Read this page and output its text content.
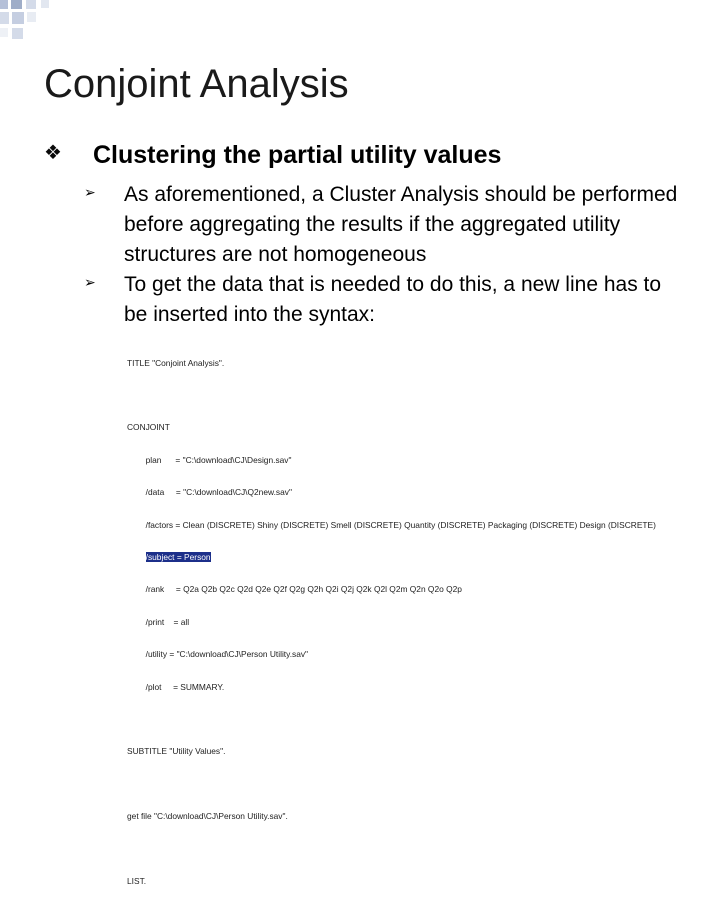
Conjoint Analysis
❖ Clustering the partial utility values
➢ As aforementioned, a Cluster Analysis should be performed before aggregating the results if the aggregated utility structures are not homogeneous
➢ To get the data that is needed to do this, a new line has to be inserted into the syntax:

TITLE "Conjoint Analysis".

CONJOINT

plan      = "C:\download\CJ\Design.sav"

/data     = "C:\download\CJ\Q2new.sav"

/factors = Clean (DISCRETE) Shiny (DISCRETE) Smell (DISCRETE) Quantity (DISCRETE) Packaging (DISCRETE) Design (DISCRETE)

/subject = Person

/rank     = Q2a Q2b Q2c Q2d Q2e Q2f Q2g Q2h Q2i Q2j Q2k Q2l Q2m Q2n Q2o Q2p

/print    = all

/utility = "C:\download\CJ\Person Utility.sav"

/plot     = SUMMARY.

SUBTITLE "Utility Values".

get file "C:\download\CJ\Person Utility.sav".

LIST.
